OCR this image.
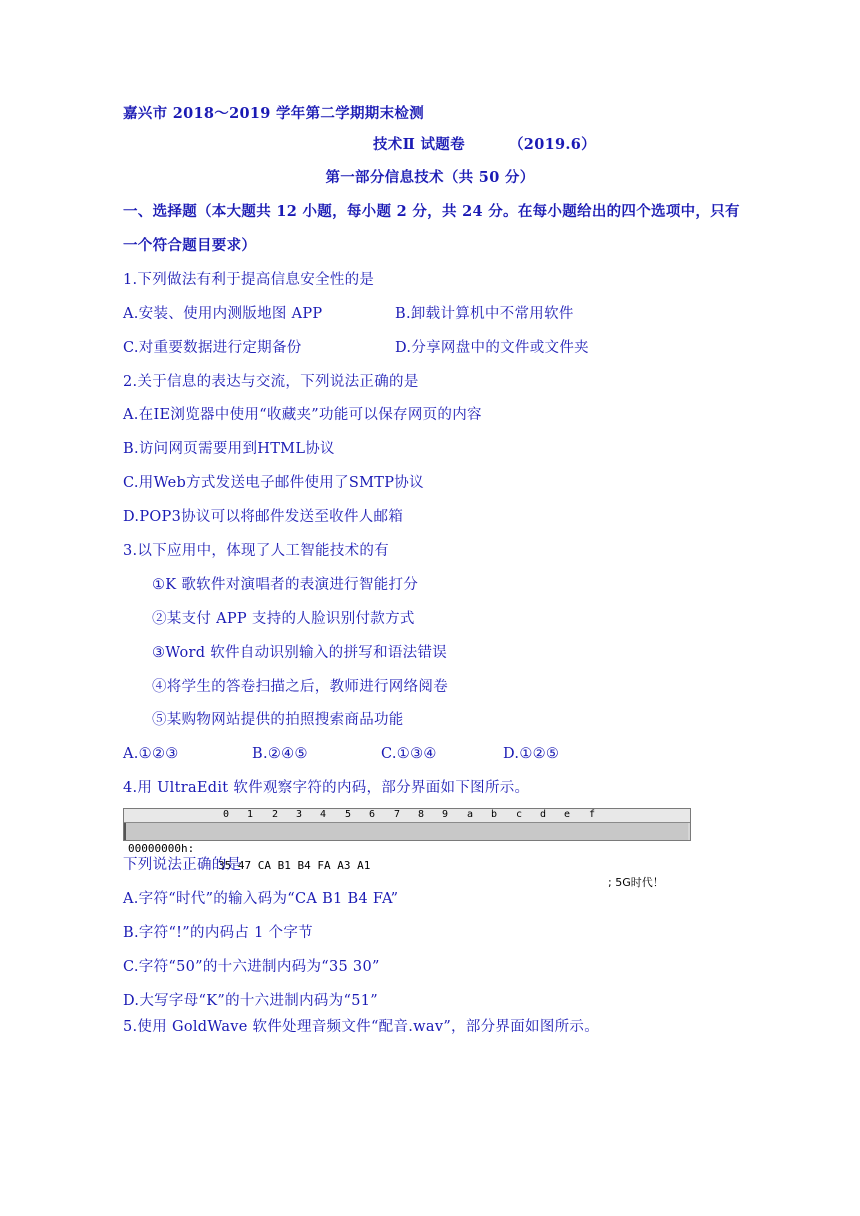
嘉兴市 2018～2019 学年第二学期期末检测
技术Ⅱ 试题卷	（2019.6）
第一部分信息技术（共 50 分）
一、选择题（本大题共 12 小题，每小题 2 分，共 24 分。在每小题给出的四个选项中，只有
一个符合题目要求）
1.下列做法有利于提高信息安全性的是
A.安装、使用内测版地图 APP	B.卸载计算机中不常用软件
C.对重要数据进行定期备份	D.分享网盘中的文件或文件夹
2.关于信息的表达与交流，下列说法正确的是
A.在IE浏览器中使用“收藏夹”功能可以保存网页的内容
B.访问网页需要用到HTML协议
C.用Web方式发送电子邮件使用了SMTP协议
D.POP3协议可以将邮件发送至收件人邮箱
3.以下应用中，体现了人工智能技术的有
①K 歌软件对演唱者的表演进行智能打分
②某支付 APP 支持的人脸识别付款方式
③Word 软件自动识别输入的拼写和语法错误
④将学生的答卷扫描之后，教师进行网络阅卷
⑤某购物网站提供的拍照搜索商品功能
A.①②③	B.②④⑤	C.①③④	D.①②⑤
4.用 UltraEdit 软件观察字符的内码，部分界面如下图所示。
0 1 2 3 4 5 6 7 8 9 a b c d e f

00000000h:

35 47 CA B1 B4 FA A3 A1

; 5G时代！

下列说法正确的是
A.字符“时代”的输入码为“CA B1 B4 FA”
B.字符“!”的内码占 1 个字节
C.字符“50”的十六进制内码为“35 30”
D.大写字母“K”的十六进制内码为“51”
5.使用 GoldWave 软件处理音频文件“配音.wav”，部分界面如图所示。
